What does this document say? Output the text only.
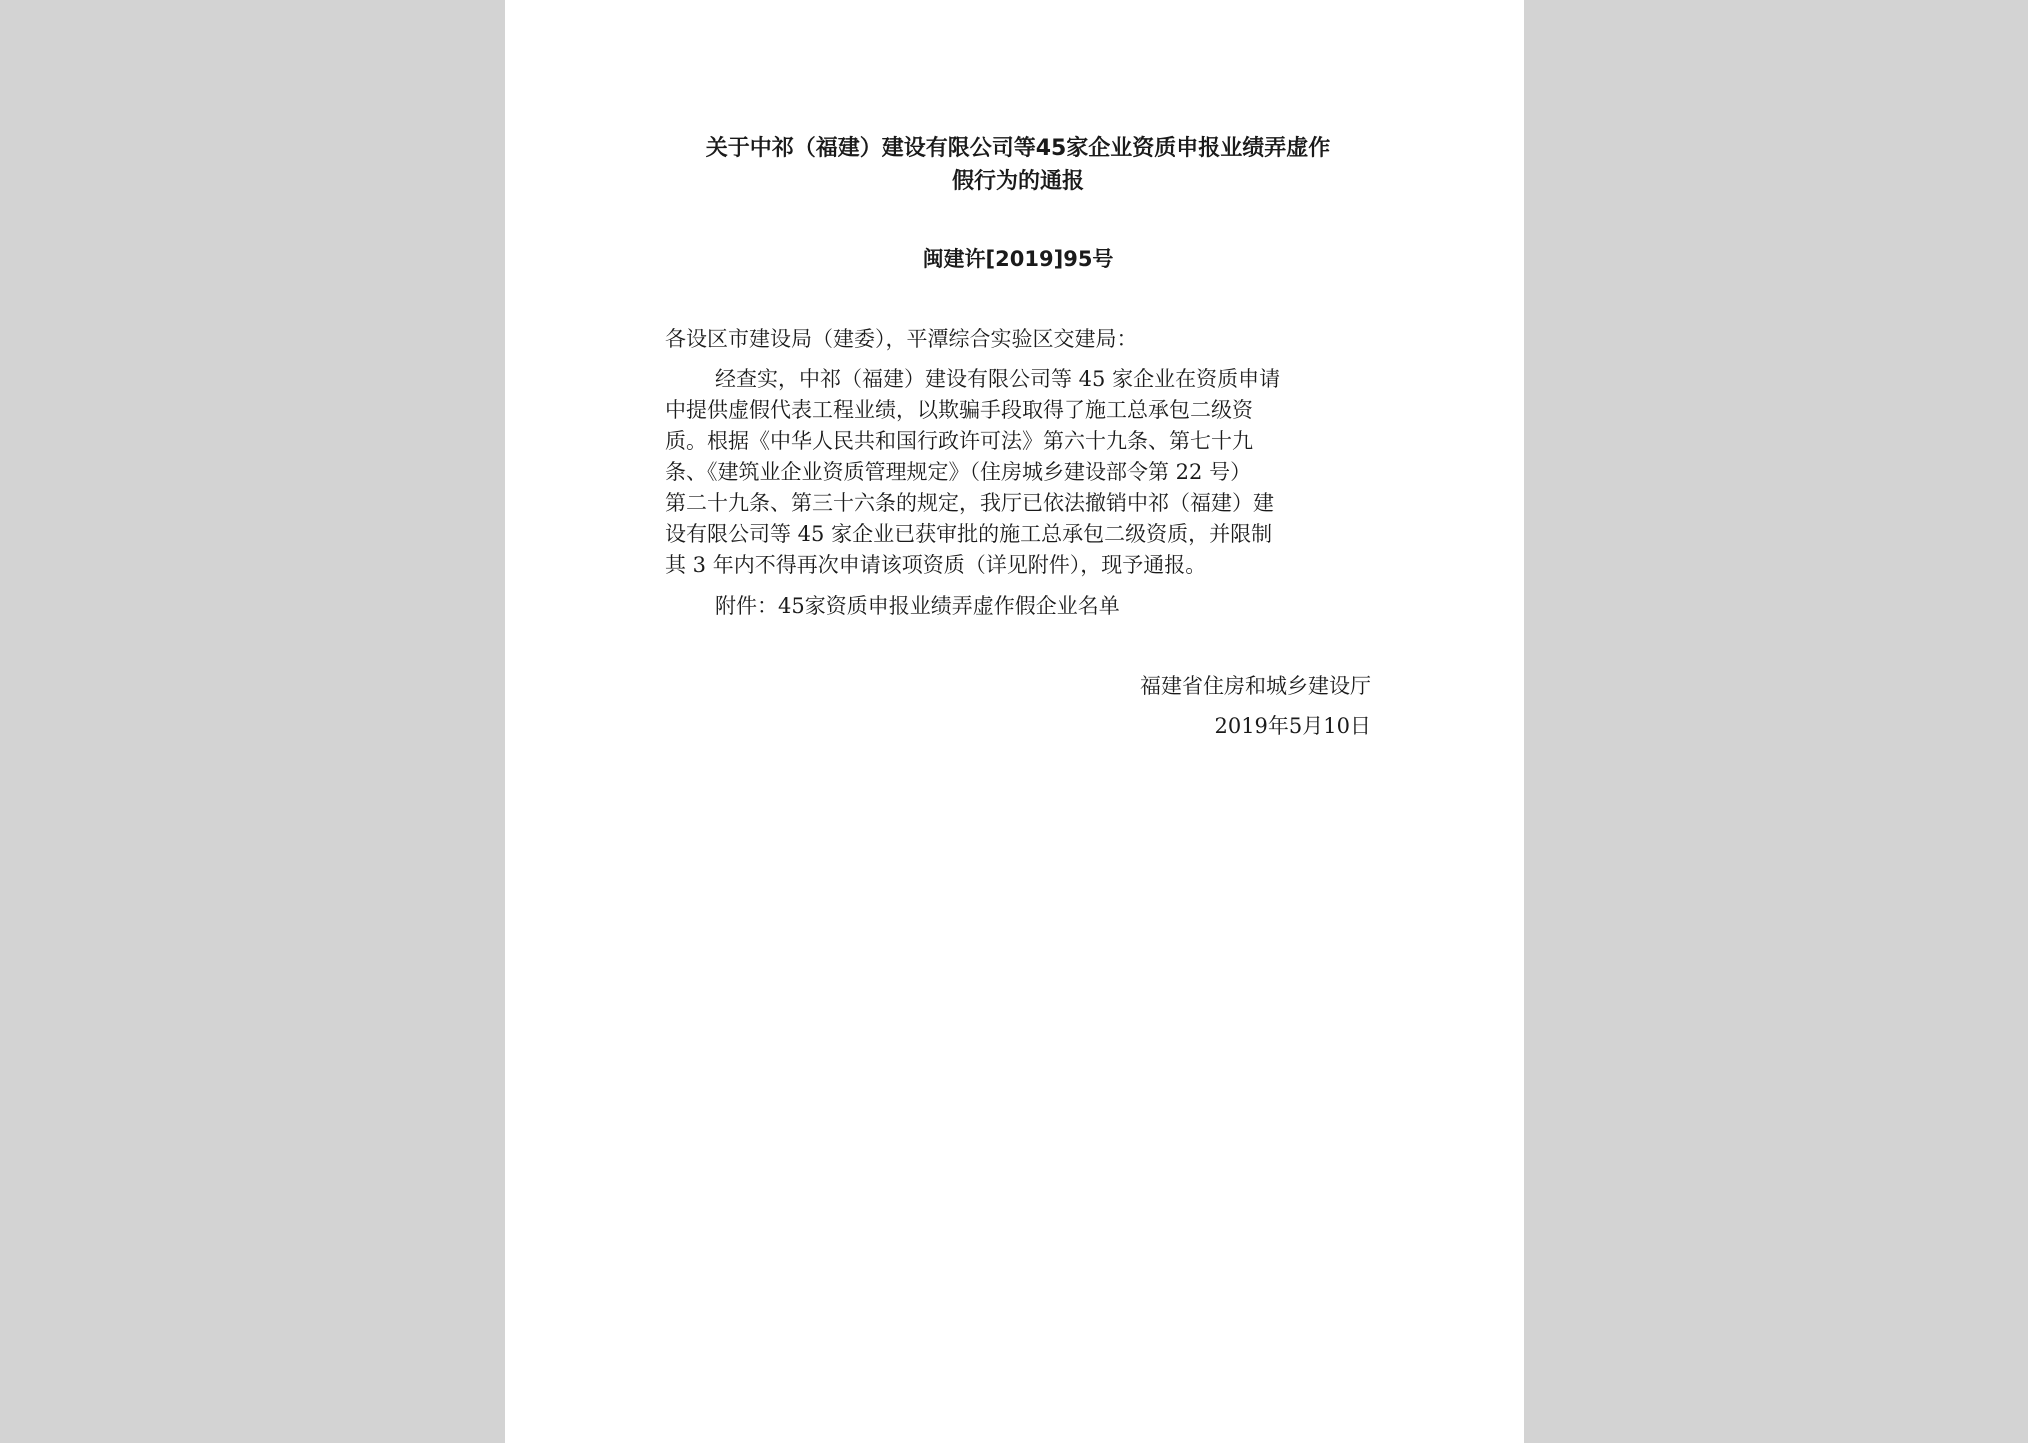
关于中祁（福建）建设有限公司等45家企业资质申报业绩弄虚作
假行为的通报

闽建许[2019]95号

各设区市建设局（建委），平潭综合实验区交建局：

经查实，中祁（福建）建设有限公司等 45 家企业在资质申请
中提供虚假代表工程业绩，以欺骗手段取得了施工总承包二级资
质。根据《中华人民共和国行政许可法》第六十九条、第七十九
条、《建筑业企业资质管理规定》（住房城乡建设部令第 22 号）
第二十九条、第三十六条的规定，我厅已依法撤销中祁（福建）建
设有限公司等 45 家企业已获审批的施工总承包二级资质，并限制
其 3 年内不得再次申请该项资质（详见附件），现予通报。

附件：45家资质申报业绩弄虚作假企业名单

福建省住房和城乡建设厅

2019年5月10日
